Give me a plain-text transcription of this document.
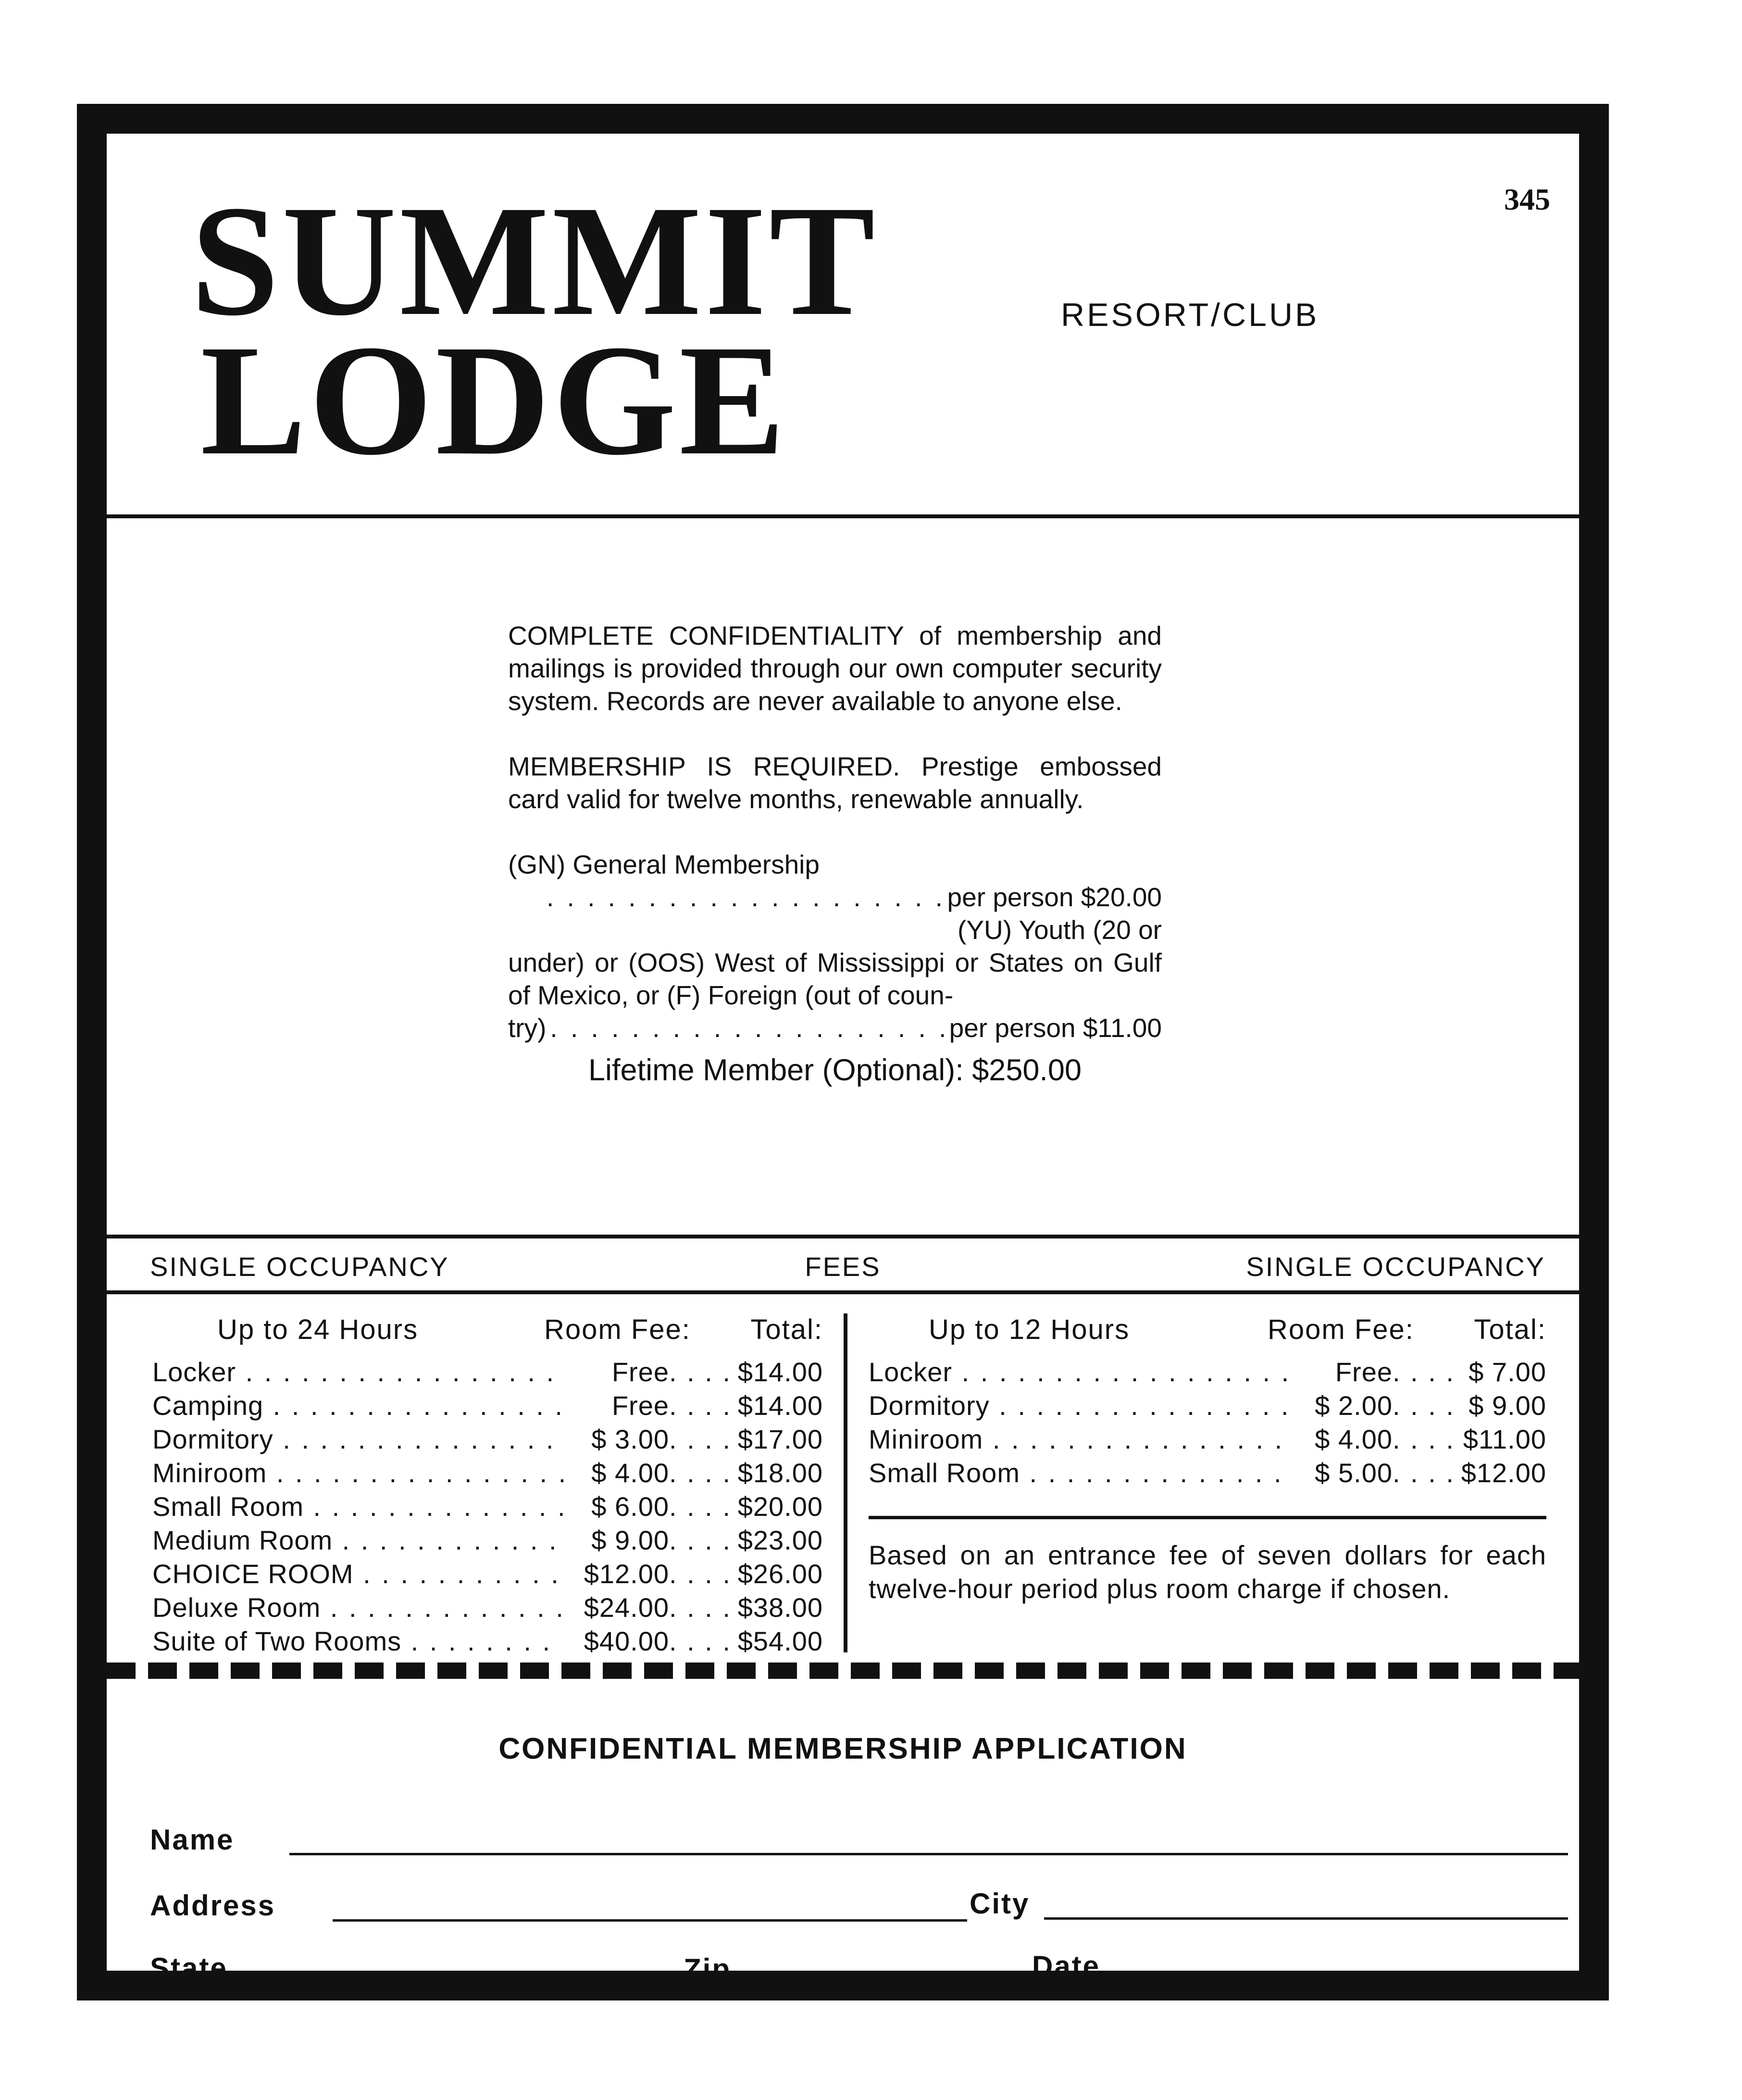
SUMMIT
LODGE	RESORT/CLUB
345

COMPLETE CONFIDENTIALITY of membership and mailings is provided through our own computer security system. Records are never available to anyone else.

MEMBERSHIP IS REQUIRED. Prestige embossed card valid for twelve months, renewable annually.

(GN) General Membership
. . .
per person $20.00
(YU) Youth (20 or
under) or (OOS) West of Mississippi or States on Gulf of Mexico, or (F) Foreign (out of coun-
try) . . .	per person $11.00
Lifetime Member (Optional): $250.00
SINGLE OCCUPANCY	FEES	SINGLE OCCUPANCY
Up to 24 Hours	Room Fee:	Total:
Locker . . .	Free . . .	$14.00
Camping . . .	Free . . .	$14.00
Dormitory . . .	$ 3.00 . . .	$17.00
Miniroom . . .	$ 4.00 . . .	$18.00
Small Room . . .	$ 6.00 . . .	$20.00
Medium Room . . .	$ 9.00 . . .	$23.00
CHOICE ROOM . . .	$12.00 . . .	$26.00
Deluxe Room . . .	$24.00 . . .	$38.00
Suite of Two Rooms . . .	$40.00 . . .	$54.00
Up to 12 Hours	Room Fee:	Total:
Locker . . .	Free . . .	$ 7.00
Dormitory . . .	$ 2.00 . . .	$ 9.00
Miniroom . . .	$ 4.00 . . .	$11.00
Small Room . . .	$ 5.00 . . .	$12.00
Based on an entrance fee of seven dollars for each twelve-hour period plus room charge if chosen.
CONFIDENTIAL MEMBERSHIP APPLICATION
Name
Address	City
State	Zip	Date
